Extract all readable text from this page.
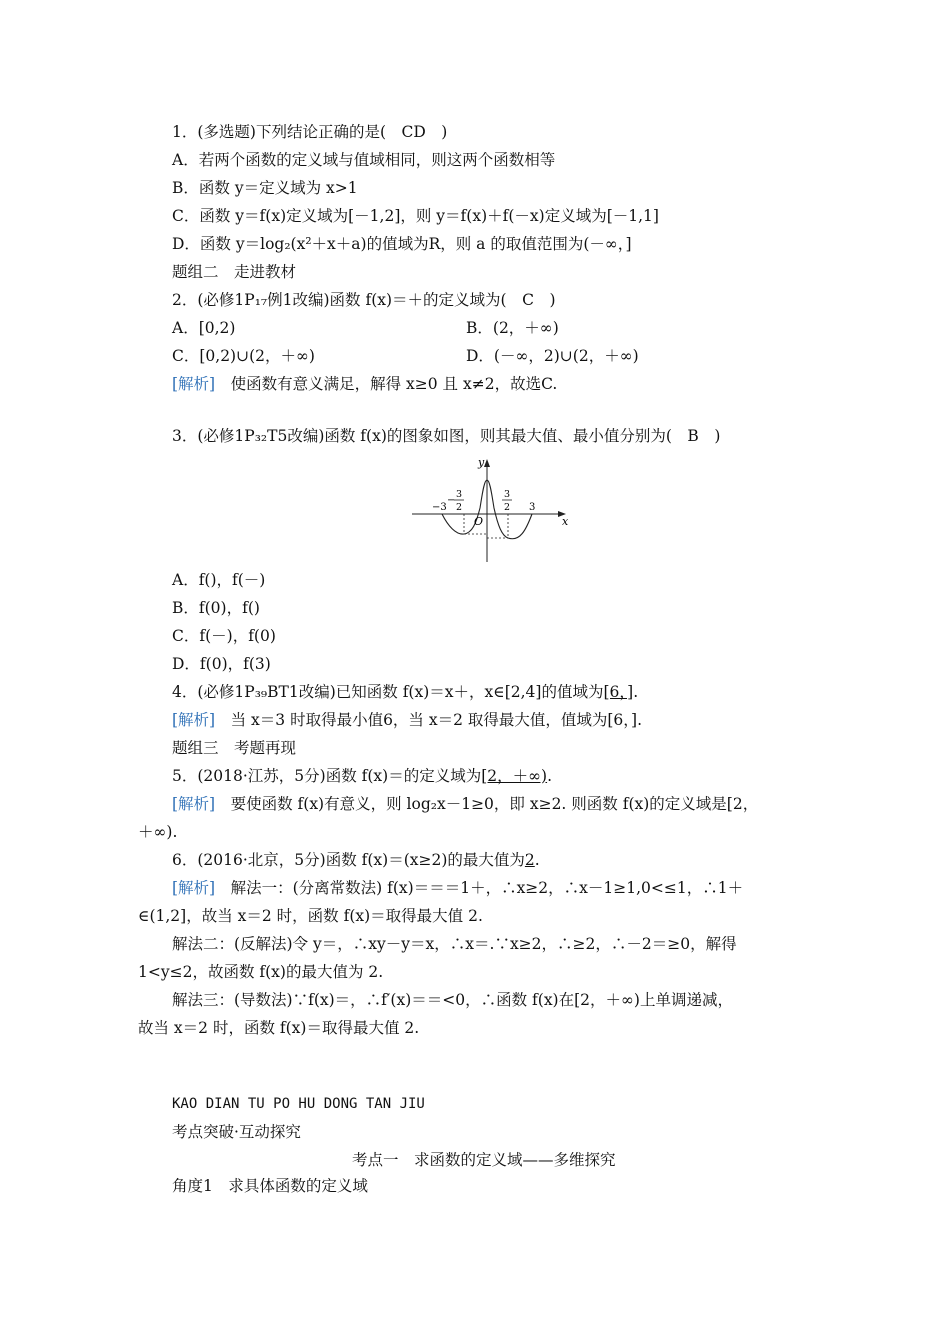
1．(多选题)下列结论正确的是(　CD　)
A．若两个函数的定义域与值域相同，则这两个函数相等
B．函数 y＝定义域为 x>1
C．函数 y＝f(x)定义域为[－1,2]，则 y＝f(x)＋f(－x)定义域为[－1,1]
D．函数 y＝log₂(x²＋x＋a)的值域为R，则 a 的取值范围为(－∞，]
题组二　走进教材
2．(必修1P₁₇例1改编)函数 f(x)＝＋的定义域为(　C　)
A．[0,2)	B．(2，＋∞)
C．[0,2)∪(2，＋∞)	D．(－∞，2)∪(2，＋∞)
[解析]　使函数有意义满足，解得 x≥0 且 x≠2，故选C.
3．(必修1P₃₂T5改编)函数 f(x)的图象如图，则其最大值、最小值分别为(　B　)
y
x
O
−3	3
−
3
2
3
2
A．f()，f(－)
B．f(0)，f()
C．f(－)，f(0)
D．f(0)，f(3)
4．(必修1P₃₉BT1改编)已知函数 f(x)＝x＋，x∈[2,4]的值域为[6，].
[解析]　当 x＝3 时取得最小值6，当 x＝2 取得最大值，值域为[6，].
题组三　考题再现
5．(2018·江苏，5分)函数 f(x)＝的定义域为[2，＋∞).
[解析]　要使函数 f(x)有意义，则 log₂x－1≥0，即 x≥2. 则函数 f(x)的定义域是[2，
＋∞).
6．(2016·北京，5分)函数 f(x)＝(x≥2)的最大值为2.
[解析]　解法一：(分离常数法) f(x)＝＝＝1＋，∴x≥2，∴x－1≥1,0<≤1，∴1＋
∈(1,2]，故当 x＝2 时，函数 f(x)＝取得最大值 2.
解法二：(反解法)令 y＝，∴xy－y＝x，∴x＝.∵x≥2，∴≥2，∴－2＝≥0，解得
1<y≤2，故函数 f(x)的最大值为 2.
解法三：(导数法)∵f(x)＝，∴f′(x)＝＝<0，∴函数 f(x)在[2，＋∞)上单调递减，
故当 x＝2 时，函数 f(x)＝取得最大值 2.
KAO DIAN TU PO HU DONG TAN JIU
考点突破·互动探究
考点一　求函数的定义域——多维探究
角度1　求具体函数的定义域
